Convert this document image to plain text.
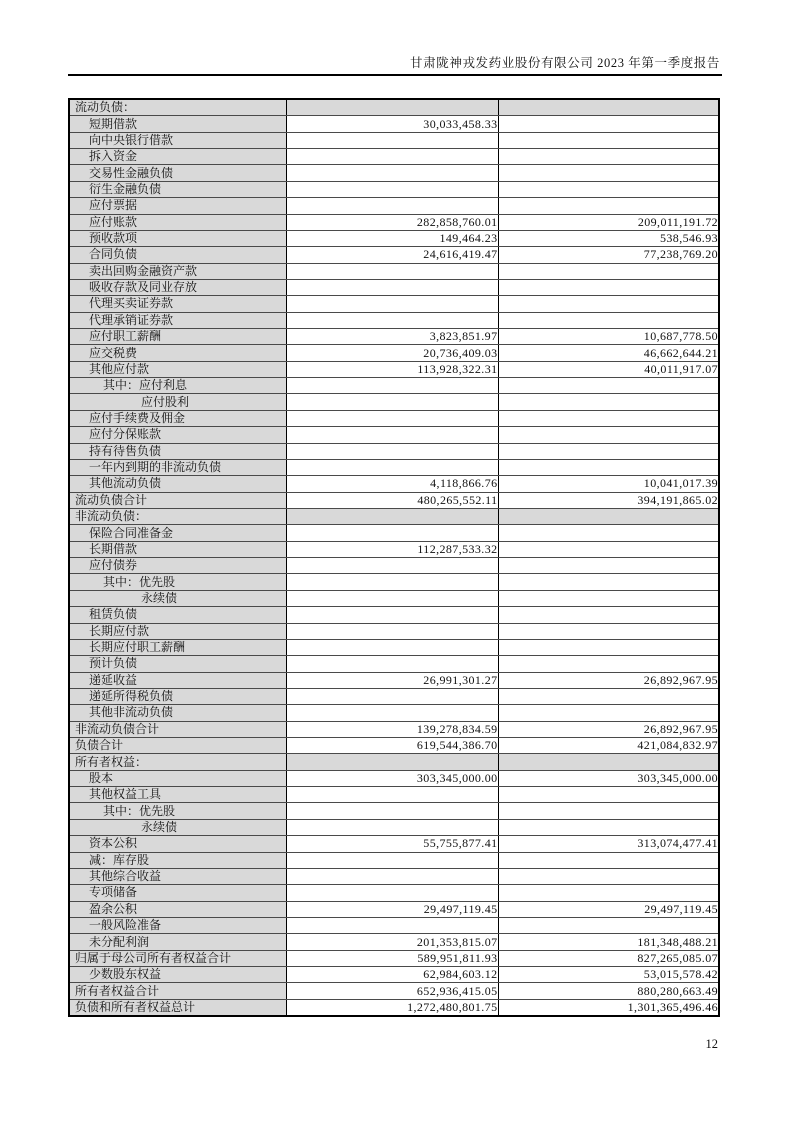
甘肃陇神戎发药业股份有限公司 2023 年第一季度报告
流动负债：		
短期借款	30,033,458.33	
向中央银行借款		
拆入资金		
交易性金融负债		
衍生金融负债		
应付票据		
应付账款	282,858,760.01	209,011,191.72
预收款项	149,464.23	538,546.93
合同负债	24,616,419.47	77,238,769.20
卖出回购金融资产款		
吸收存款及同业存放		
代理买卖证券款		
代理承销证券款		
应付职工薪酬	3,823,851.97	10,687,778.50
应交税费	20,736,409.03	46,662,644.21
其他应付款	113,928,322.31	40,011,917.07
其中：应付利息		
应付股利		
应付手续费及佣金		
应付分保账款		
持有待售负债		
一年内到期的非流动负债		
其他流动负债	4,118,866.76	10,041,017.39
流动负债合计	480,265,552.11	394,191,865.02
非流动负债：		
保险合同准备金		
长期借款	112,287,533.32	
应付债券		
其中：优先股		
永续债		
租赁负债		
长期应付款		
长期应付职工薪酬		
预计负债		
递延收益	26,991,301.27	26,892,967.95
递延所得税负债		
其他非流动负债		
非流动负债合计	139,278,834.59	26,892,967.95
负债合计	619,544,386.70	421,084,832.97
所有者权益：		
股本	303,345,000.00	303,345,000.00
其他权益工具		
其中：优先股		
永续债		
资本公积	55,755,877.41	313,074,477.41
减：库存股		
其他综合收益		
专项储备		
盈余公积	29,497,119.45	29,497,119.45
一般风险准备		
未分配利润	201,353,815.07	181,348,488.21
归属于母公司所有者权益合计	589,951,811.93	827,265,085.07
少数股东权益	62,984,603.12	53,015,578.42
所有者权益合计	652,936,415.05	880,280,663.49
负债和所有者权益总计	1,272,480,801.75	1,301,365,496.46
12
